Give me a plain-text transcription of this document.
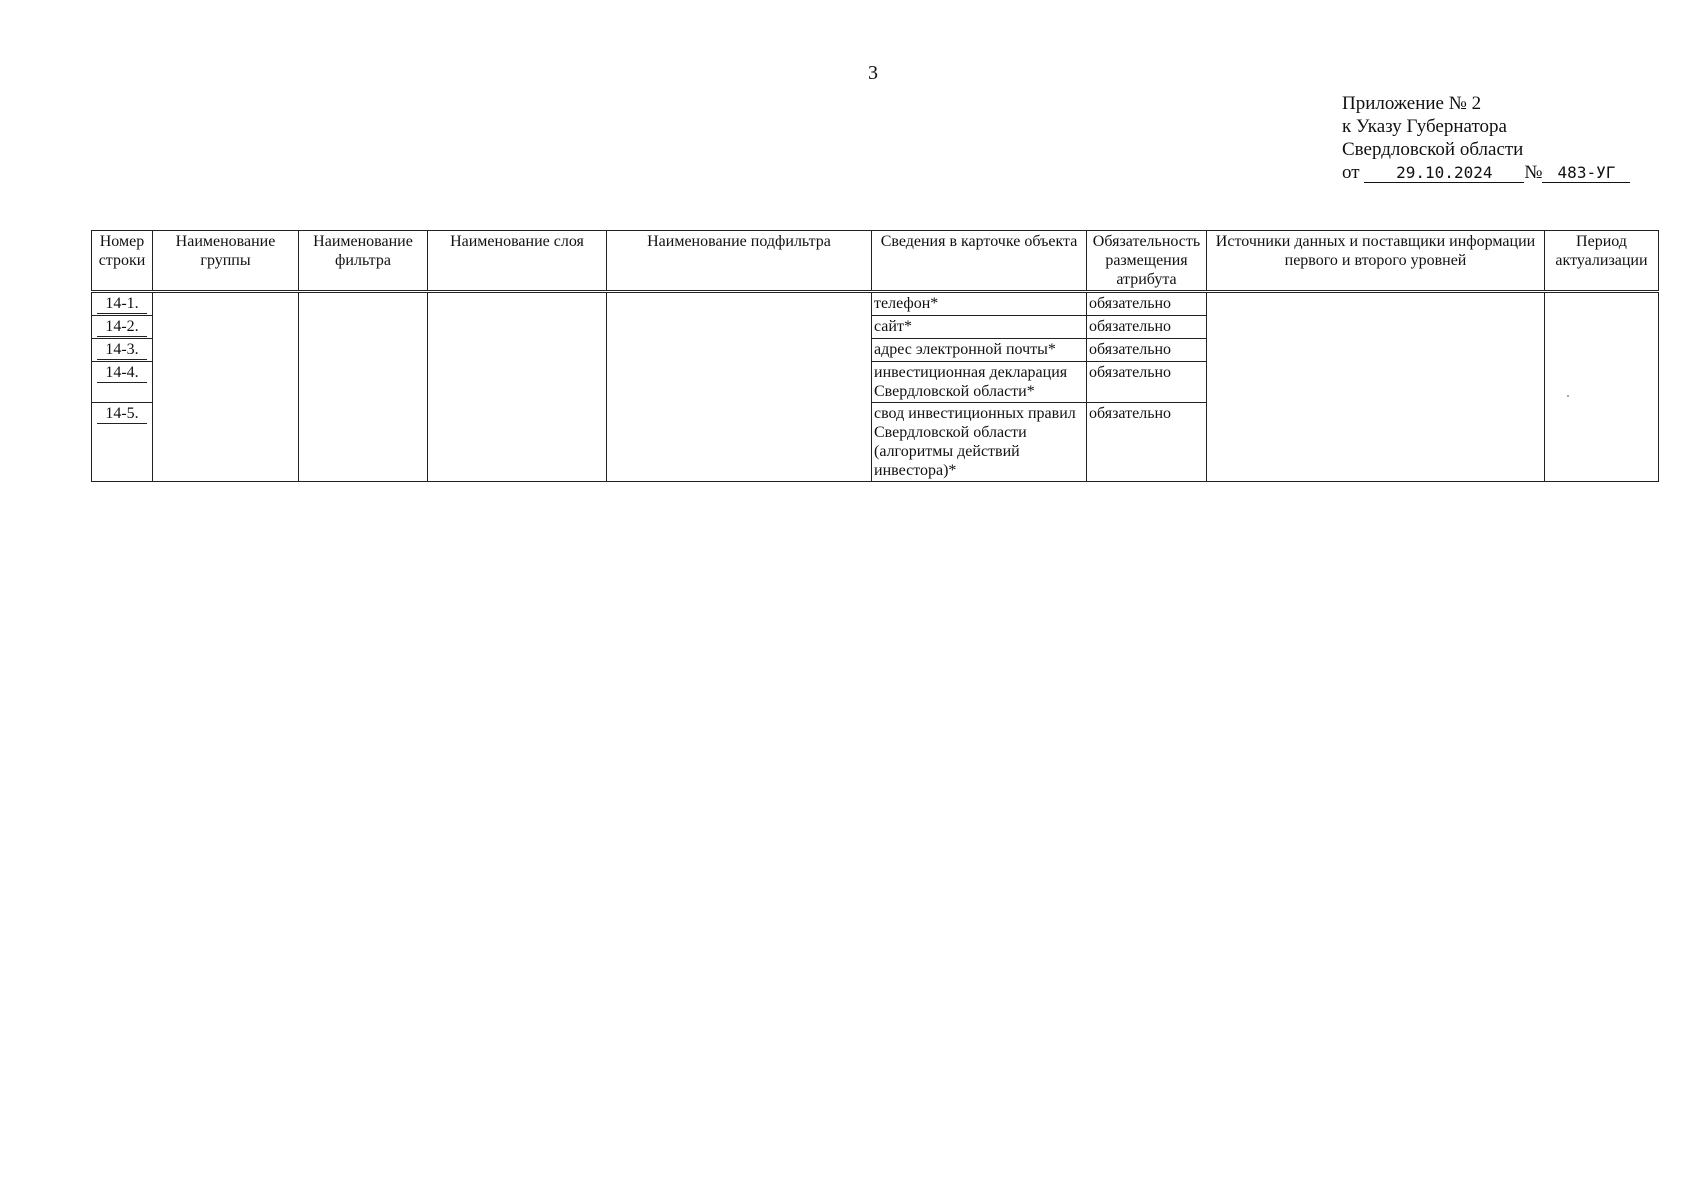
3
Приложение № 2
к Указу Губернатора
Свердловской области
от 29.10.2024 № 483-УГ
Номер строки	Наименование группы	Наименование фильтра	Наименование слоя	Наименование подфильтра	Сведения в карточке объекта	Обязательность размещения атрибута	Источники данных и поставщики информации первого и второго уровней	Период актуализации
14-1.					телефон*	обязательно		
14-2.					сайт*	обязательно		
14-3.					адрес электронной почты*	обязательно		
14-4.					инвестиционная декларация Свердловской области*	обязательно		
14-5.					свод инвестиционных правил Свердловской области (алгоритмы действий инвестора)*	обязательно		
